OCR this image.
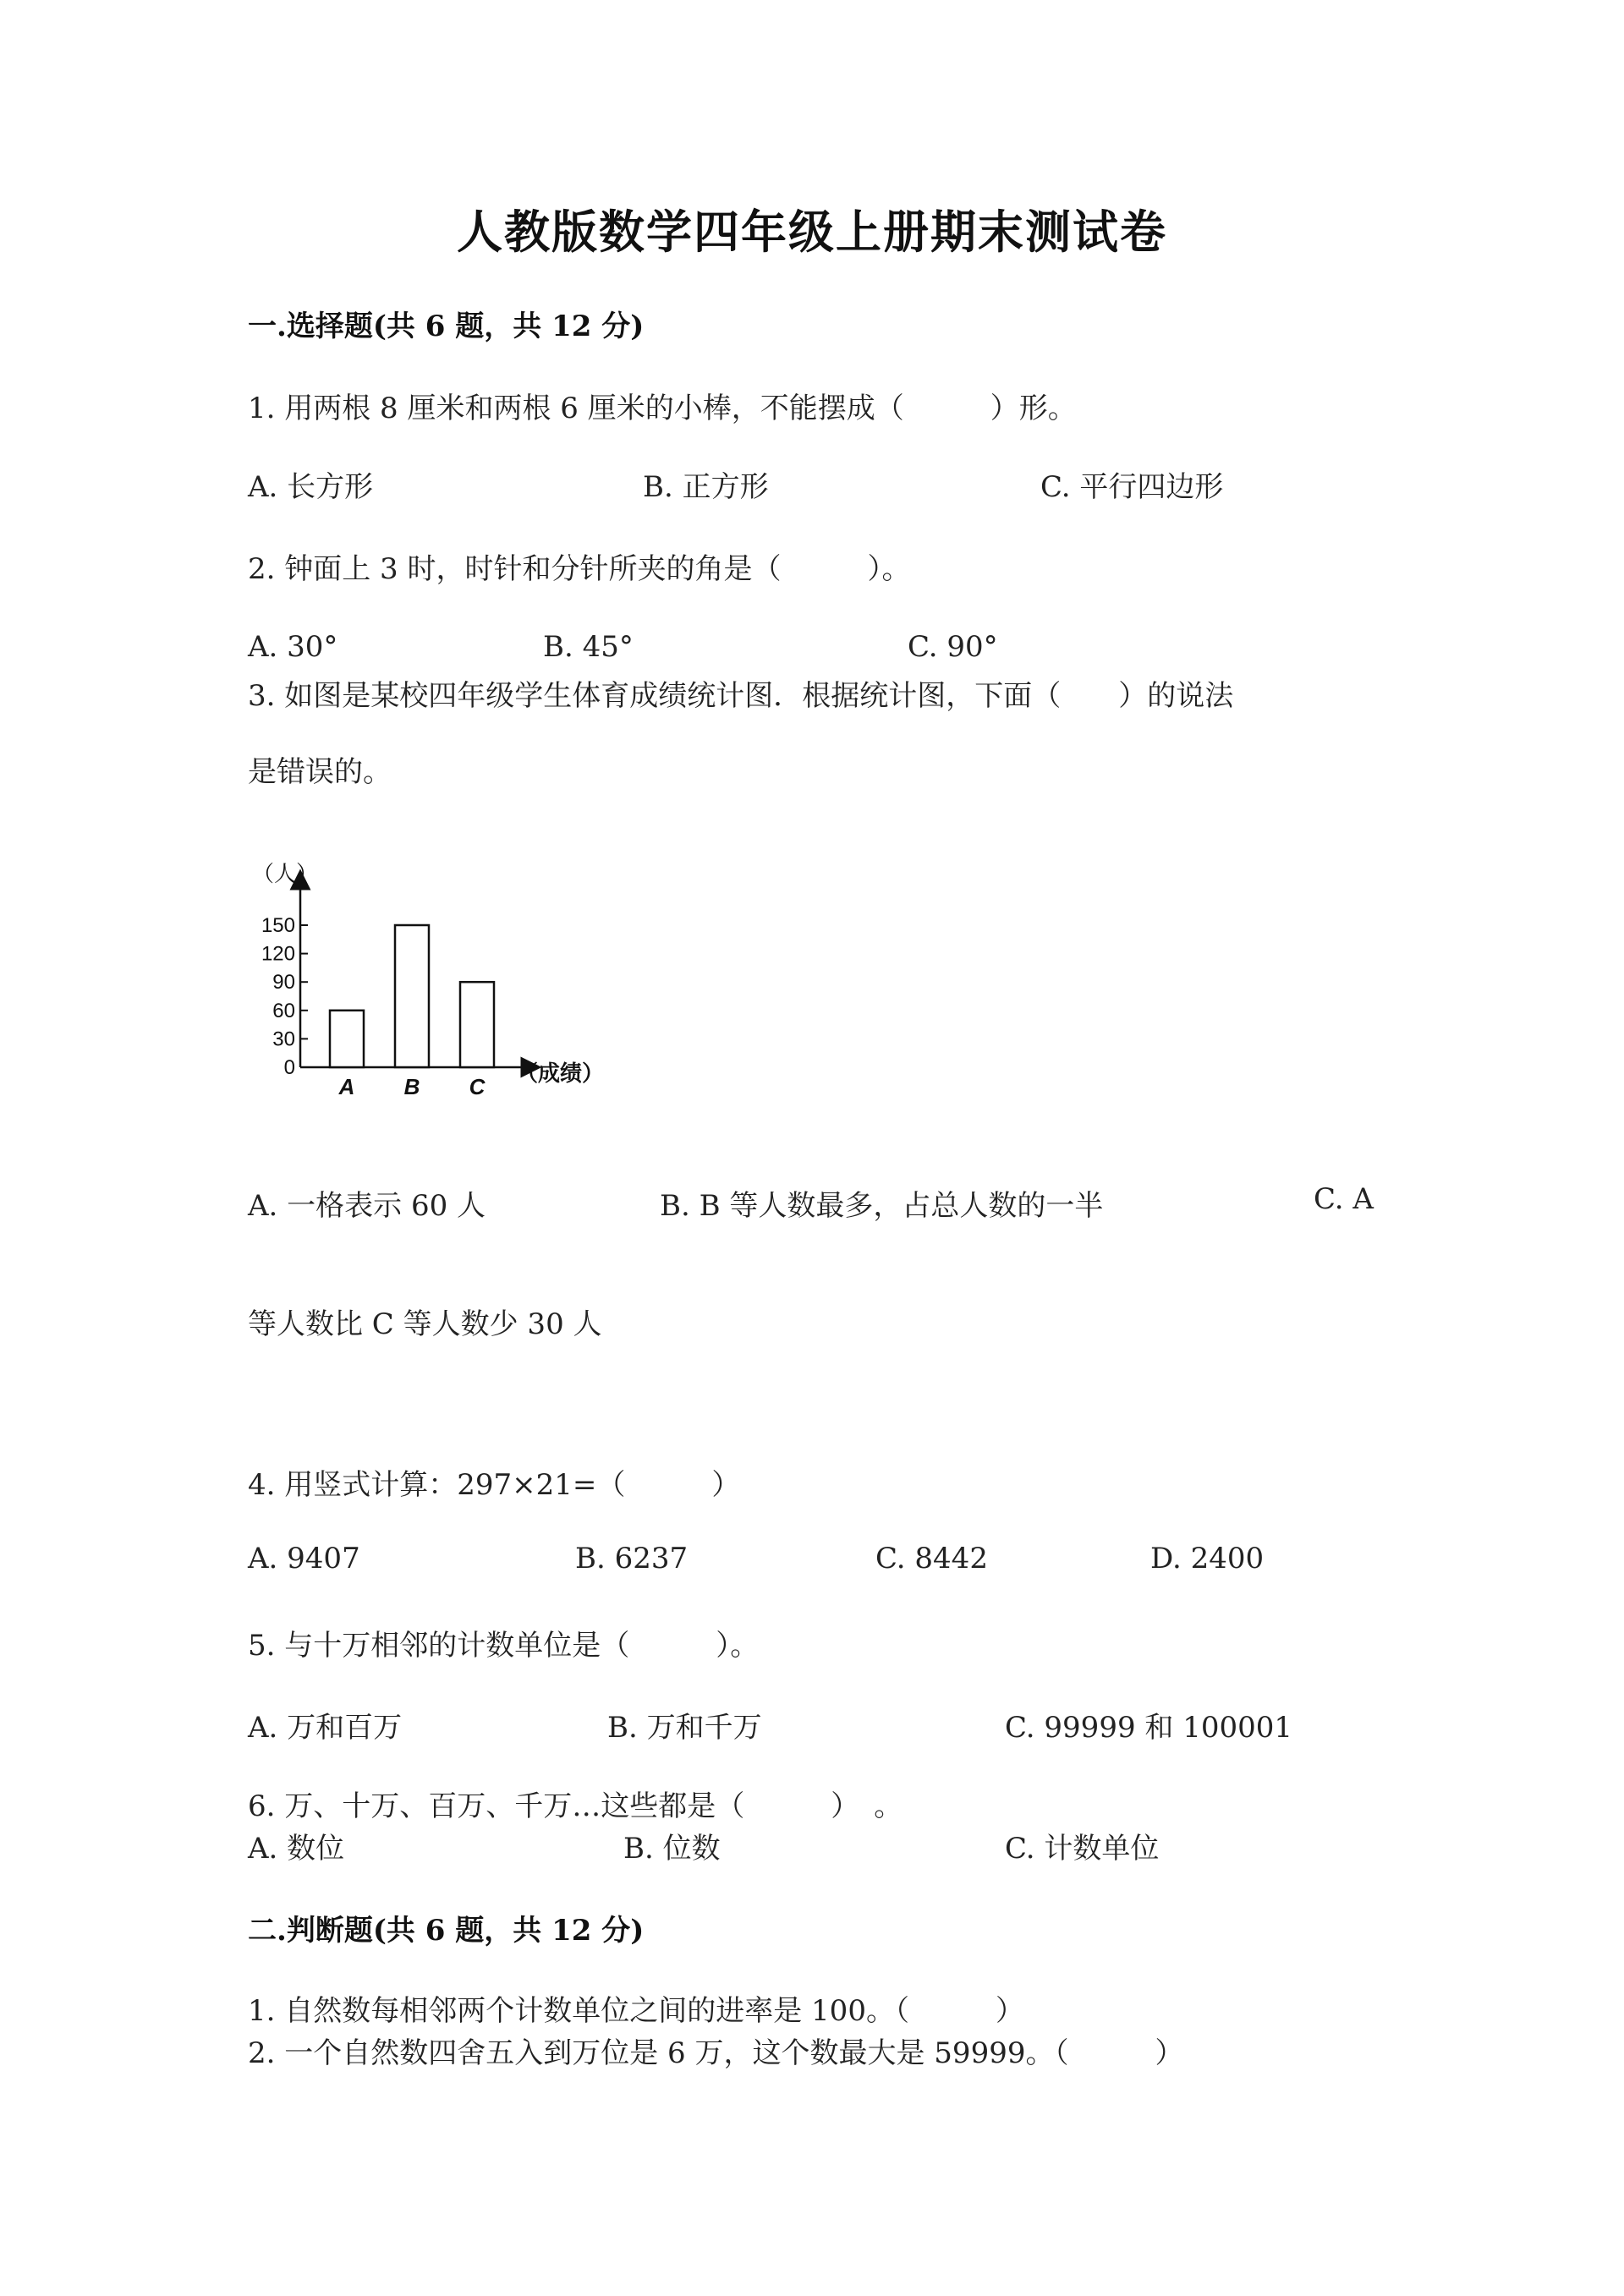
人教版数学四年级上册期末测试卷
一.选择题(共 6 题，共 12 分)
1. 用两根 8 厘米和两根 6 厘米的小棒，不能摆成（　　　）形。
A. 长方形	B. 正方形	C. 平行四边形
2. 钟面上 3 时，时针和分针所夹的角是（　　　）。
A. 30°	B. 45°	C. 90°
3. 如图是某校四年级学生体育成绩统计图．根据统计图，下面（　　）的说法
是错误的。
（人）
（成绩）
0
30
60
90
120
150
A B C
A. 一格表示 60 人	B. B 等人数最多，占总人数的一半	C. A
等人数比 C 等人数少 30 人
4. 用竖式计算：297×21=（　　　）
A. 9407	B. 6237	C. 8442	D. 2400
5. 与十万相邻的计数单位是（　　　）。
A. 万和百万	B. 万和千万	C. 99999 和 100001
6. 万、十万、百万、千万…这些都是（　　　）　。
A. 数位	B. 位数	C. 计数单位
二.判断题(共 6 题，共 12 分)
1. 自然数每相邻两个计数单位之间的进率是 100。（　　　）
2. 一个自然数四舍五入到万位是 6 万，这个数最大是 59999。（　　　）
